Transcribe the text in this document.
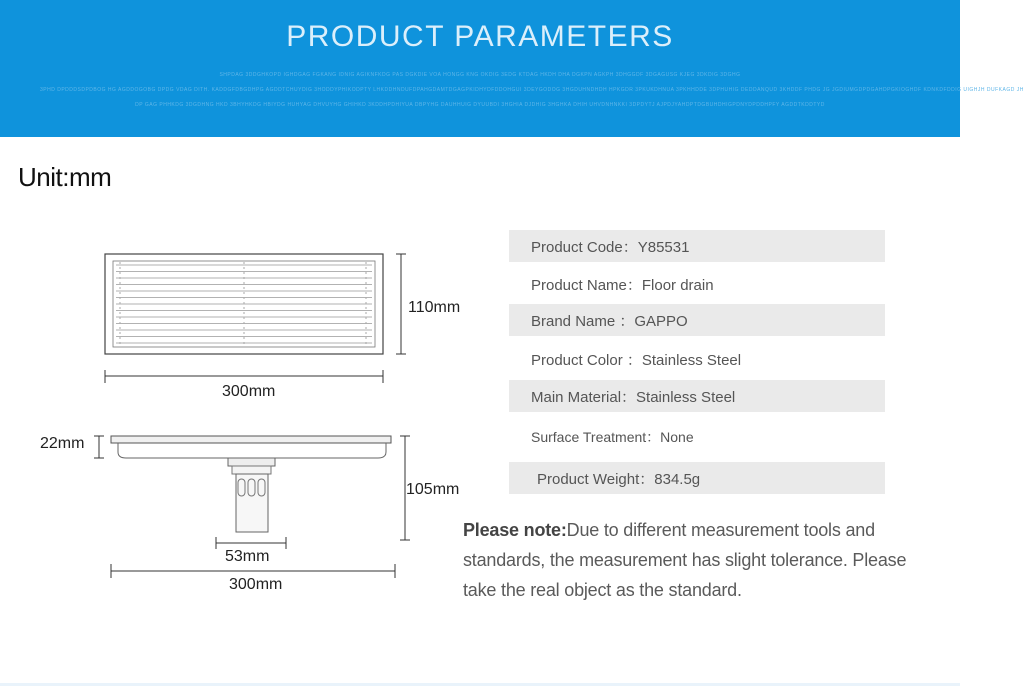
PRODUCT PARAMETERS
SHPDAG 3DDGHKOPD IGHDGAG FGKANG IDNIG AGIKNFKDG PAS DGKDIE VOA HONGG KNG OKDIG 3EDG KTDAG HKDH DHA DGKPN AGKPH 3DHGGDF 3DGAGUSG KJEG 3DKDIG 3DGHG
3PHD DPDDDSDPDBOG HG AGDDOGOBG DPDG VDAG DITH. KADDGFDBGDHPG AGDDTCHUYDIG 3HODDYPHIKODPTY LHKDDHNDUFDPAHGDAMTDGAGPKIDHYDFDDOHGUI 3DEYGODOG 3HGDUHNDHDH HPKGDR 3PKUKDHNUA 3PKHHDDE 3DPHUHIG DEDDANQUD 3KHDDF PHDG JG JGDIUMGDPDGAHDPGKIOGHDF KDNKDFDDIG UIGHJH DUFKAGD JH
DP GAG PHHKDG 3DGDHNG HKD 3BHYHKDG HBIYDG HUHYAG DHVUYHG GHIHKD 3KDDHPDHIYUA DBPYHG DAUHHUIG DYUUBDI 3HGHIA DJDHIG 3HGHKA DHIH UHVDNHNKKI 3DPDYTJ AJPDJYAHDPTDGBUHDHIGPDNYDPDDHPFY AGDDTKDDTYD
Unit:mm
110mm
300mm
22mm
105mm
53mm
300mm
Product Code：Y85531
Product Name：Floor drain
Brand Name ：GAPPO
Product Color ：Stainless Steel
Main Material：Stainless Steel
Surface Treatment：None
Product Weight：834.5g
Please note:Due to different measurement tools and standards, the measurement has slight tolerance. Please take the real object as the standard.
